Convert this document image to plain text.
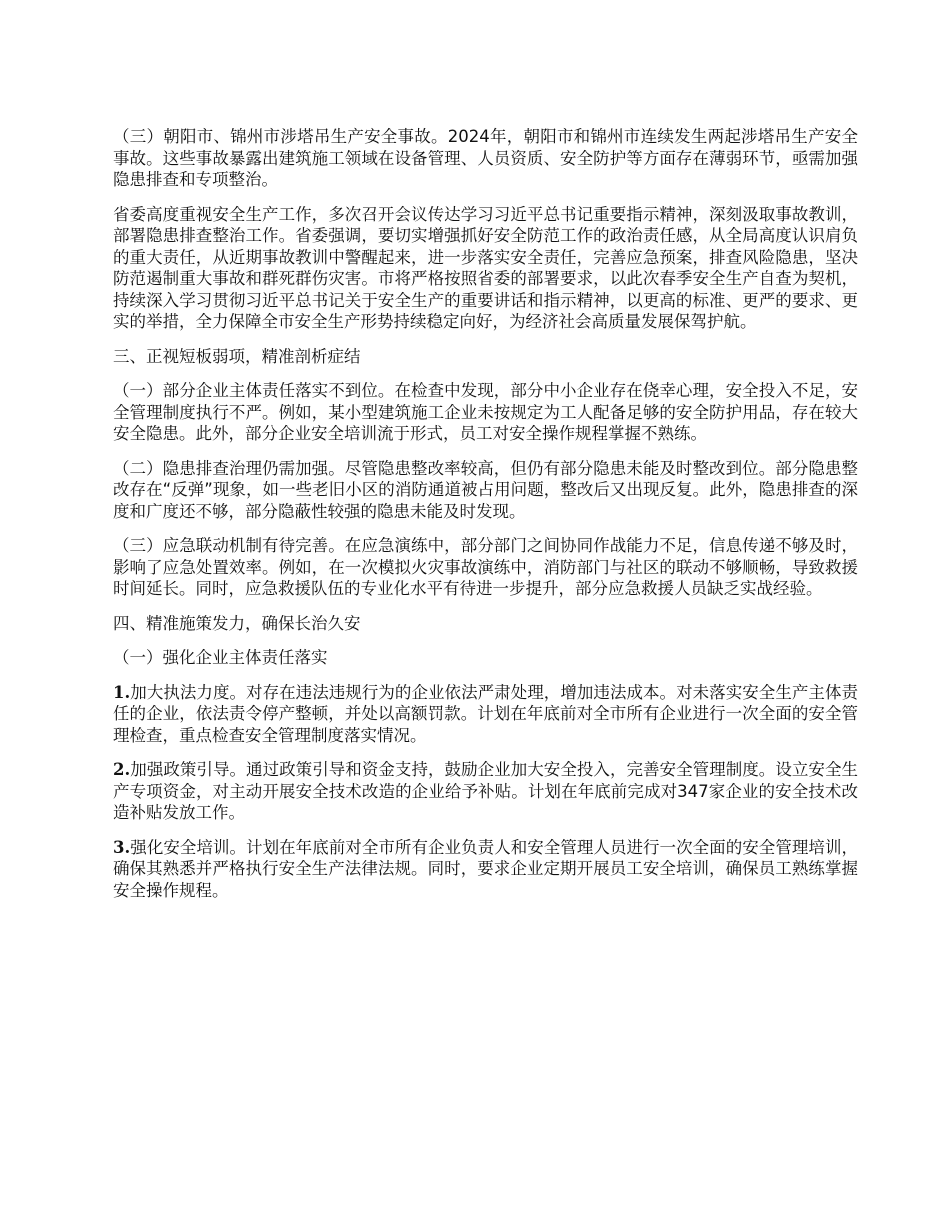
（三）朝阳市、锦州市涉塔吊生产安全事故。2024年，朝阳市和锦州市连续发生两起涉塔吊生产安全事故。这些事故暴露出建筑施工领域在设备管理、人员资质、安全防护等方面存在薄弱环节，亟需加强隐患排查和专项整治。

省委高度重视安全生产工作，多次召开会议传达学习习近平总书记重要指示精神，深刻汲取事故教训，部署隐患排查整治工作。省委强调，要切实增强抓好安全防范工作的政治责任感，从全局高度认识肩负的重大责任，从近期事故教训中警醒起来，进一步落实安全责任，完善应急预案，排查风险隐患，坚决防范遏制重大事故和群死群伤灾害。市将严格按照省委的部署要求，以此次春季安全生产自查为契机，持续深入学习贯彻习近平总书记关于安全生产的重要讲话和指示精神，以更高的标准、更严的要求、更实的举措，全力保障全市安全生产形势持续稳定向好，为经济社会高质量发展保驾护航。

三、正视短板弱项，精准剖析症结

（一）部分企业主体责任落实不到位。在检查中发现，部分中小企业存在侥幸心理，安全投入不足，安全管理制度执行不严。例如，某小型建筑施工企业未按规定为工人配备足够的安全防护用品，存在较大安全隐患。此外，部分企业安全培训流于形式，员工对安全操作规程掌握不熟练。

（二）隐患排查治理仍需加强。尽管隐患整改率较高，但仍有部分隐患未能及时整改到位。部分隐患整改存在“反弹”现象，如一些老旧小区的消防通道被占用问题，整改后又出现反复。此外，隐患排查的深度和广度还不够，部分隐蔽性较强的隐患未能及时发现。

（三）应急联动机制有待完善。在应急演练中，部分部门之间协同作战能力不足，信息传递不够及时，影响了应急处置效率。例如，在一次模拟火灾事故演练中，消防部门与社区的联动不够顺畅，导致救援时间延长。同时，应急救援队伍的专业化水平有待进一步提升，部分应急救援人员缺乏实战经验。

四、精准施策发力，确保长治久安

（一）强化企业主体责任落实

1.加大执法力度。对存在违法违规行为的企业依法严肃处理，增加违法成本。对未落实安全生产主体责任的企业，依法责令停产整顿，并处以高额罚款。计划在年底前对全市所有企业进行一次全面的安全管理检查，重点检查安全管理制度落实情况。

2.加强政策引导。通过政策引导和资金支持，鼓励企业加大安全投入，完善安全管理制度。设立安全生产专项资金，对主动开展安全技术改造的企业给予补贴。计划在年底前完成对347家企业的安全技术改造补贴发放工作。

3.强化安全培训。计划在年底前对全市所有企业负责人和安全管理人员进行一次全面的安全管理培训，确保其熟悉并严格执行安全生产法律法规。同时，要求企业定期开展员工安全培训，确保员工熟练掌握安全操作规程。
